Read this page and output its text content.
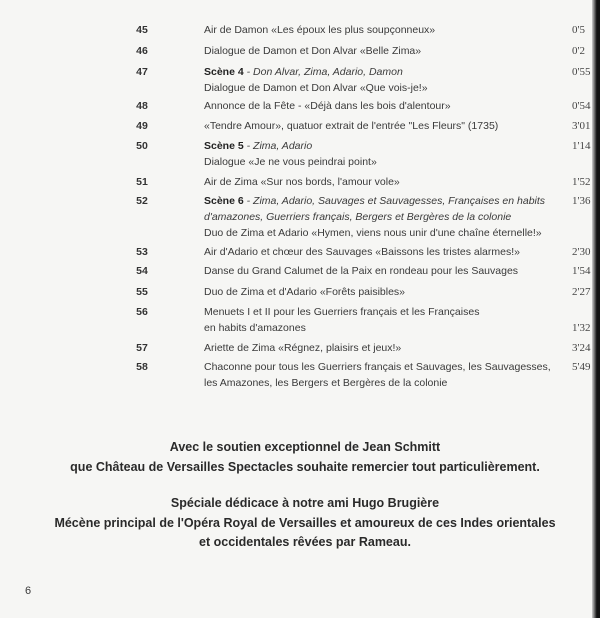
45	Air de Damon «Les époux les plus soupçonneux»	0'5
46	Dialogue de Damon et Don Alvar «Belle Zima»	0'2
47	Scène 4 - Don Alvar, Zima, Adario, Damon
Dialogue de Damon et Don Alvar «Que vois-je!»
0'55
48	Annonce de la Fête - «Déjà dans les bois d'alentour»	0'54
49	«Tendre Amour», quatuor extrait de l'entrée "Les Fleurs" (1735)	3'01
50	Scène 5 - Zima, Adario
Dialogue «Je ne vous peindrai point»
1'14
51	Air de Zima «Sur nos bords, l'amour vole»	1'52
52	Scène 6 - Zima, Adario, Sauvages et Sauvagesses, Françaises en habits
d'amazones, Guerriers français, Bergers et Bergères de la colonie
Duo de Zima et Adario «Hymen, viens nous unir d'une chaîne éternelle!»
1'36
53	Air d'Adario et chœur des Sauvages «Baissons les tristes alarmes!»	2'30
54	Danse du Grand Calumet de la Paix en rondeau pour les Sauvages	1'54
55	Duo de Zima et d'Adario «Forêts paisibles»	2'27
56	Menuets I et II pour les Guerriers français et les Françaises
en habits d'amazones	1'32
57	Ariette de Zima «Régnez, plaisirs et jeux!»	3'24
58	Chaconne pour tous les Guerriers français et Sauvages, les Sauvagesses,
les Amazones, les Bergers et Bergères de la colonie
5'49
Avec le soutien exceptionnel de Jean Schmitt
que Château de Versailles Spectacles souhaite remercier tout particulièrement.
Spéciale dédicace à notre ami Hugo Brugière
Mécène principal de l'Opéra Royal de Versailles et amoureux de ces Indes orientales
et occidentales rêvées par Rameau.
6
